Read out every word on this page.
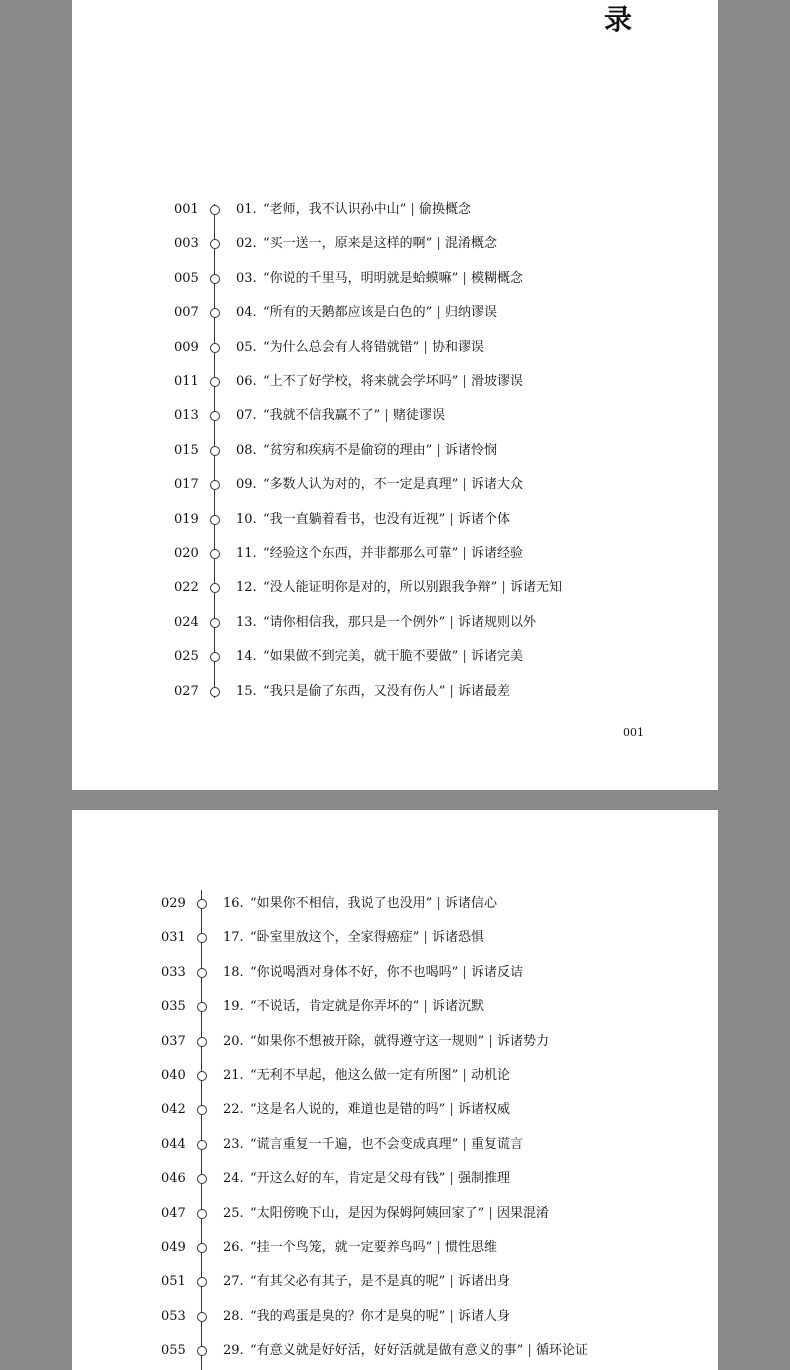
录
001	01. “老师，我不认识孙中山” | 偷换概念
003	02. “买一送一，原来是这样的啊” | 混淆概念
005	03. “你说的千里马，明明就是蛤蟆嘛” | 模糊概念
007	04. “所有的天鹅都应该是白色的” | 归纳谬误
009	05. “为什么总会有人将错就错” | 协和谬误
011	06. “上不了好学校，将来就会学坏吗” | 滑坡谬误
013	07. “我就不信我赢不了” | 赌徒谬误
015	08. “贫穷和疾病不是偷窃的理由” | 诉诸怜悯
017	09. “多数人认为对的，不一定是真理” | 诉诸大众
019	10. “我一直躺着看书，也没有近视” | 诉诸个体
020	11. “经验这个东西，并非都那么可靠” | 诉诸经验
022	12. “没人能证明你是对的，所以别跟我争辩” | 诉诸无知
024	13. “请你相信我，那只是一个例外” | 诉诸规则以外
025	14. “如果做不到完美，就干脆不要做” | 诉诸完美
027	15. “我只是偷了东西，又没有伤人” | 诉诸最差
001
029	16. “如果你不相信，我说了也没用” | 诉诸信心
031	17. “卧室里放这个，全家得癌症” | 诉诸恐惧
033	18. “你说喝酒对身体不好，你不也喝吗” | 诉诸反诘
035	19. “不说话，肯定就是你弄坏的” | 诉诸沉默
037	20. “如果你不想被开除，就得遵守这一规则” | 诉诸势力
040	21. “无利不早起，他这么做一定有所图” | 动机论
042	22. “这是名人说的，难道也是错的吗” | 诉诸权威
044	23. “谎言重复一千遍，也不会变成真理” | 重复谎言
046	24. “开这么好的车，肯定是父母有钱” | 强制推理
047	25. “太阳傍晚下山，是因为保姆阿姨回家了” | 因果混淆
049	26. “挂一个鸟笼，就一定要养鸟吗” | 惯性思维
051	27. “有其父必有其子，是不是真的呢” | 诉诸出身
053	28. “我的鸡蛋是臭的？你才是臭的呢” | 诉诸人身
055	29. “有意义就是好好活，好好活就是做有意义的事” | 循环论证
